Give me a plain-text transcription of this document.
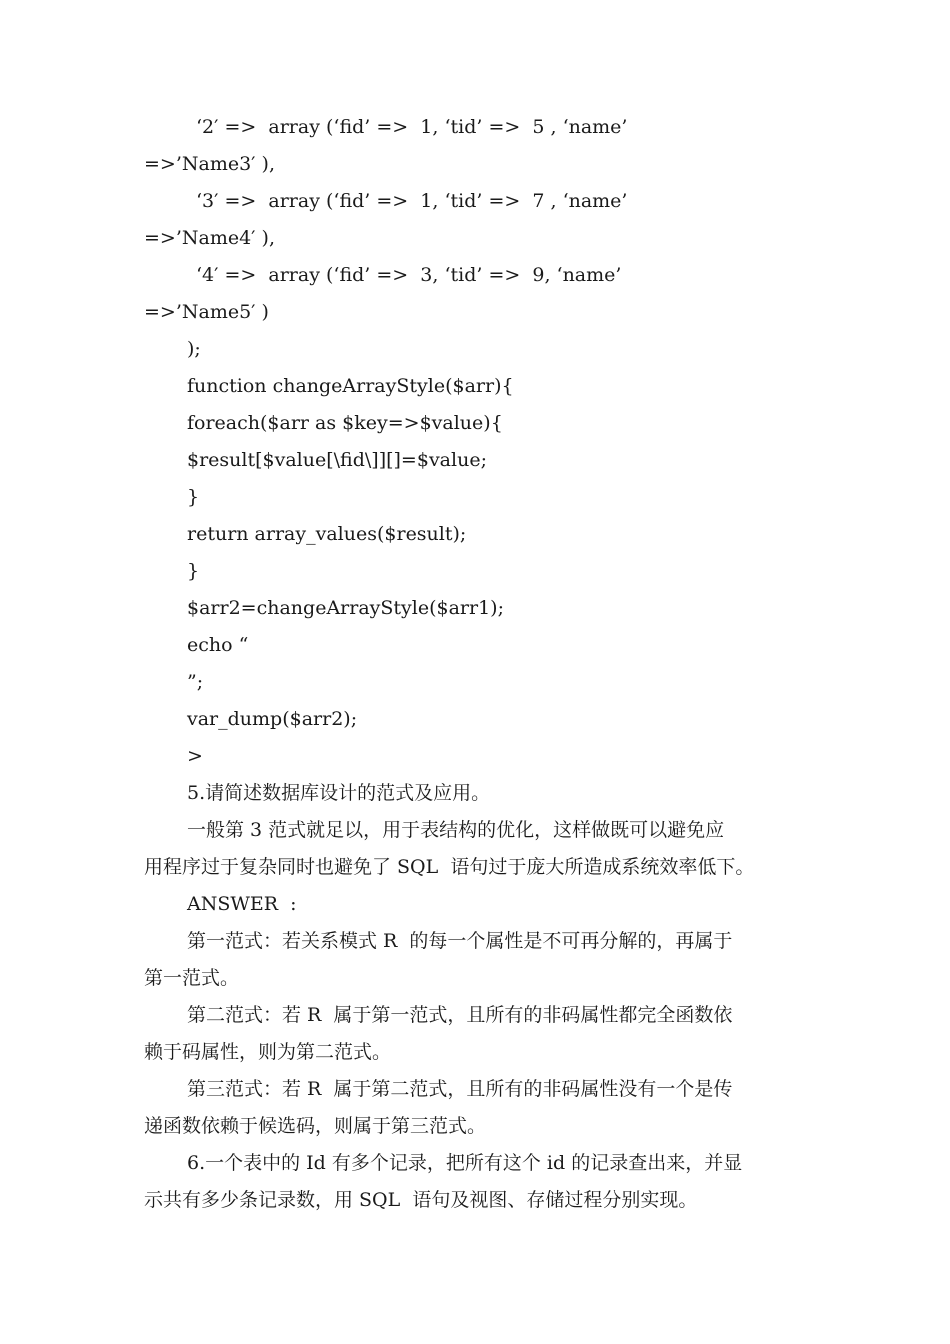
‘2′ =>  array (‘fid’ =>  1, ‘tid’ =>  5 , ‘name’
=>’Name3′ ),
‘3′ =>  array (‘fid’ =>  1, ‘tid’ =>  7 , ‘name’
=>’Name4′ ),
‘4′ =>  array (‘fid’ =>  3, ‘tid’ =>  9, ‘name’
=>’Name5′ )
);
function changeArrayStyle($arr){
foreach($arr as $key=>$value){
$result[$value[\fid\]][]=$value;
}
return array_values($result);
}
$arr2=changeArrayStyle($arr1);
echo “
”;
var_dump($arr2);
>
5.请简述数据库设计的范式及应用。
一般第 3 范式就足以，用于表结构的优化，这样做既可以避免应
用程序过于复杂同时也避免了 SQL  语句过于庞大所造成系统效率低下。
ANSWER  :
第一范式：若关系模式 R  的每一个属性是不可再分解的，再属于
第一范式。
第二范式：若 R  属于第一范式，且所有的非码属性都完全函数依
赖于码属性，则为第二范式。
第三范式：若 R  属于第二范式，且所有的非码属性没有一个是传
递函数依赖于候选码，则属于第三范式。
6.一个表中的 Id 有多个记录，把所有这个 id 的记录查出来，并显
示共有多少条记录数，用 SQL  语句及视图、存储过程分别实现。
